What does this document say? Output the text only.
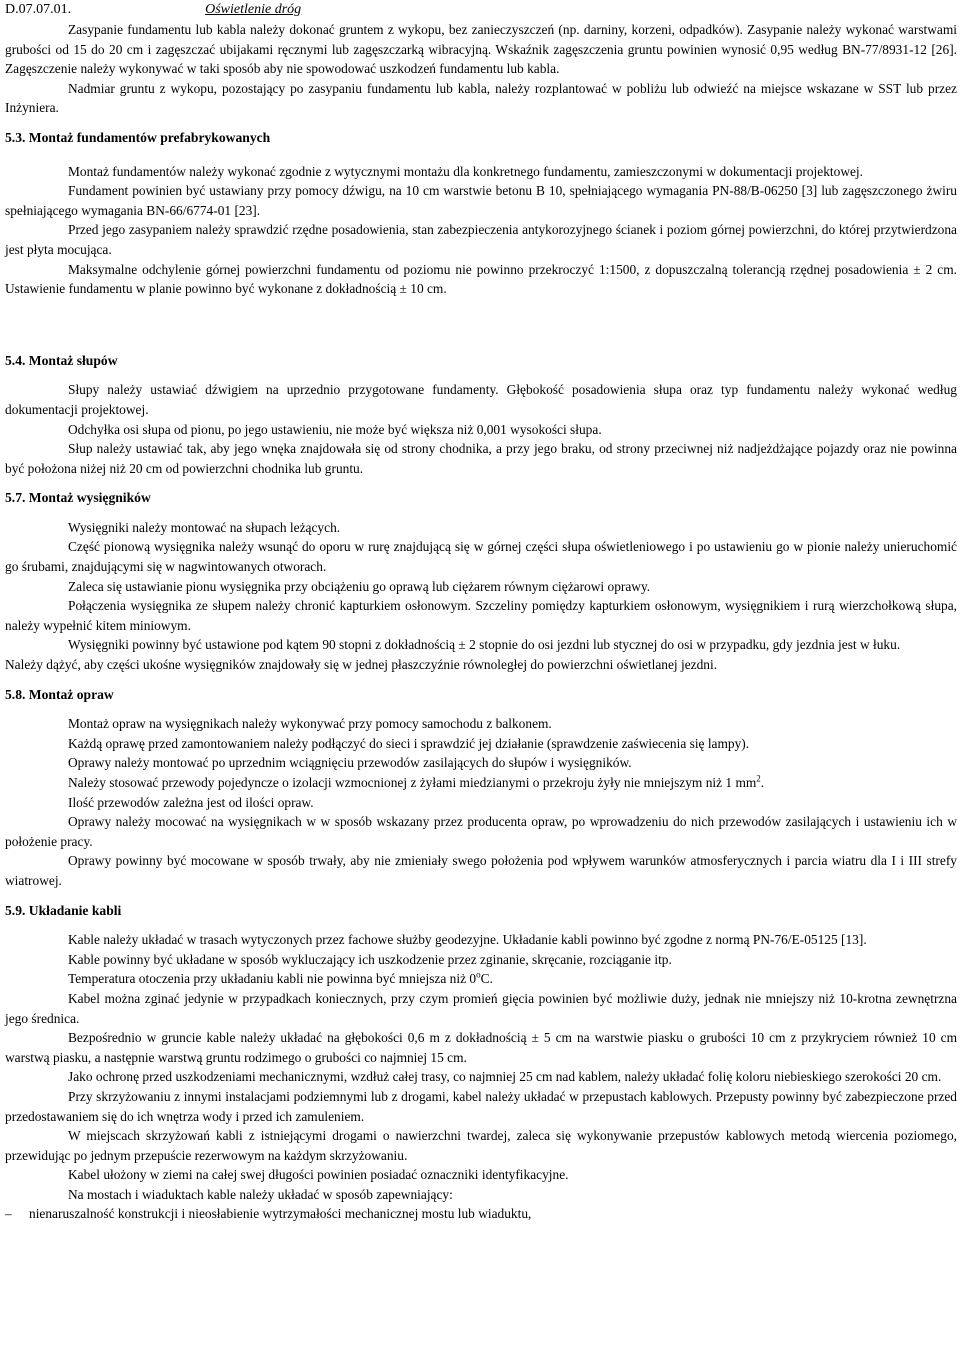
D.07.07.01.	Oświetlenie dróg

Zasypanie fundamentu lub kabla należy dokonać gruntem z wykopu, bez zanieczyszczeń (np. darniny, korzeni, odpadków). Zasypanie należy wykonać warstwami grubości od 15 do 20 cm i zagęszczać ubijakami ręcznymi lub zagęszczarką wibracyjną. Wskaźnik zagęszczenia gruntu powinien wynosić 0,95 według BN-77/8931-12 [26]. Zagęszczenie należy wykonywać w taki sposób aby nie spowodować uszkodzeń fundamentu lub kabla.

Nadmiar gruntu z wykopu, pozostający po zasypaniu fundamentu lub kabla, należy rozplantować w pobliżu lub odwieźć na miejsce wskazane w SST lub przez Inżyniera.

5.3. Montaż fundamentów prefabrykowanych

Montaż fundamentów należy wykonać zgodnie z wytycznymi montażu dla konkretnego fundamentu, zamieszczonymi w dokumentacji projektowej.

Fundament powinien być ustawiany przy pomocy dźwigu, na 10 cm warstwie betonu B 10, spełniającego wymagania PN-88/B-06250 [3] lub zagęszczonego żwiru spełniającego wymagania BN-66/6774-01 [23].

Przed jego zasypaniem należy sprawdzić rzędne posadowienia, stan zabezpieczenia antykorozyjnego ścianek i poziom górnej powierzchni, do której przytwierdzona jest płyta mocująca.

Maksymalne odchylenie górnej powierzchni fundamentu od poziomu nie powinno przekroczyć 1:1500, z dopuszczalną tolerancją rzędnej posadowienia ± 2 cm. Ustawienie fundamentu w planie powinno być wykonane z dokładnością ± 10 cm.

5.4. Montaż słupów

Słupy należy ustawiać dźwigiem na uprzednio przygotowane fundamenty. Głębokość posadowienia słupa oraz typ fundamentu należy wykonać według dokumentacji projektowej.

Odchyłka osi słupa od pionu, po jego ustawieniu, nie może być większa niż 0,001 wysokości słupa.

Słup należy ustawiać tak, aby jego wnęka znajdowała się od strony chodnika, a przy jego braku, od strony przeciwnej niż nadjeżdżające pojazdy oraz nie powinna być położona niżej niż 20 cm od powierzchni chodnika lub gruntu.

5.7. Montaż wysięgników

Wysięgniki należy montować na słupach leżących.

Część pionową wysięgnika należy wsunąć do oporu w rurę znajdującą się w górnej części słupa oświetleniowego i po ustawieniu go w pionie należy unieruchomić go śrubami, znajdującymi się w nagwintowanych otworach.

Zaleca się ustawianie pionu wysięgnika przy obciążeniu go oprawą lub ciężarem równym ciężarowi oprawy.

Połączenia wysięgnika ze słupem należy chronić kapturkiem osłonowym. Szczeliny pomiędzy kapturkiem osłonowym, wysięgnikiem i rurą wierzchołkową słupa, należy wypełnić kitem miniowym.

Wysięgniki powinny być ustawione pod kątem 90 stopni z dokładnością ± 2 stopnie do osi jezdni lub stycznej do osi w przypadku, gdy jezdnia jest w łuku.

Należy dążyć, aby części ukośne wysięgników znajdowały się w jednej płaszczyźnie równoległej do powierzchni oświetlanej jezdni.

5.8. Montaż opraw

Montaż opraw na wysięgnikach należy wykonywać przy pomocy samochodu z balkonem.

Każdą oprawę przed zamontowaniem należy podłączyć do sieci i sprawdzić jej działanie (sprawdzenie zaświecenia się lampy).

Oprawy należy montować po uprzednim wciągnięciu przewodów zasilających do słupów i wysięgników.

Należy stosować przewody pojedyncze o izolacji wzmocnionej z żyłami miedzianymi o przekroju żyły nie mniejszym niż 1 $mm^2$.

Ilość przewodów zależna jest od ilości opraw.

Oprawy należy mocować na wysięgnikach w w sposób wskazany przez producenta opraw, po wprowadzeniu do nich przewodów zasilających i ustawieniu ich w położenie pracy.

Oprawy powinny być mocowane w sposób trwały, aby nie zmieniały swego położenia pod wpływem warunków atmosferycznych i parcia wiatru dla I i III strefy wiatrowej.

5.9. Układanie kabli

Kable należy układać w trasach wytyczonych przez fachowe służby geodezyjne. Układanie kabli powinno być zgodne z normą PN-76/E-05125 [13].

Kable powinny być układane w sposób wykluczający ich uszkodzenie przez zginanie, skręcanie, rozciąganie itp.

Temperatura otoczenia przy układaniu kabli nie powinna być mniejsza niż 0$^o$C.

Kabel można zginać jedynie w przypadkach koniecznych, przy czym promień gięcia powinien być możliwie duży, jednak nie mniejszy niż 10-krotna zewnętrzna jego średnica.

Bezpośrednio w gruncie kable należy układać na głębokości 0,6 m z dokładnością ± 5 cm na warstwie piasku o grubości 10 cm z przykryciem również 10 cm warstwą piasku, a następnie warstwą gruntu rodzimego o grubości co najmniej 15 cm.

Jako ochronę przed uszkodzeniami mechanicznymi, wzdłuż całej trasy, co najmniej 25 cm nad kablem, należy układać folię koloru niebieskiego szerokości 20 cm.

Przy skrzyżowaniu z innymi instalacjami podziemnymi lub z drogami, kabel należy układać w przepustach kablowych. Przepusty powinny być zabezpieczone przed przedostawaniem się do ich wnętrza wody i przed ich zamuleniem.

W miejscach skrzyżowań kabli z istniejącymi drogami o nawierzchni twardej, zaleca się wykonywanie przepustów kablowych metodą wiercenia poziomego, przewidując po jednym przepuście rezerwowym na każdym skrzyżowaniu.

Kabel ułożony w ziemi na całej swej długości powinien posiadać oznaczniki identyfikacyjne.

Na mostach i wiaduktach kable należy układać w sposób zapewniający:

– nienaruszalność konstrukcji i nieosłabienie wytrzymałości mechanicznej mostu lub wiaduktu,
